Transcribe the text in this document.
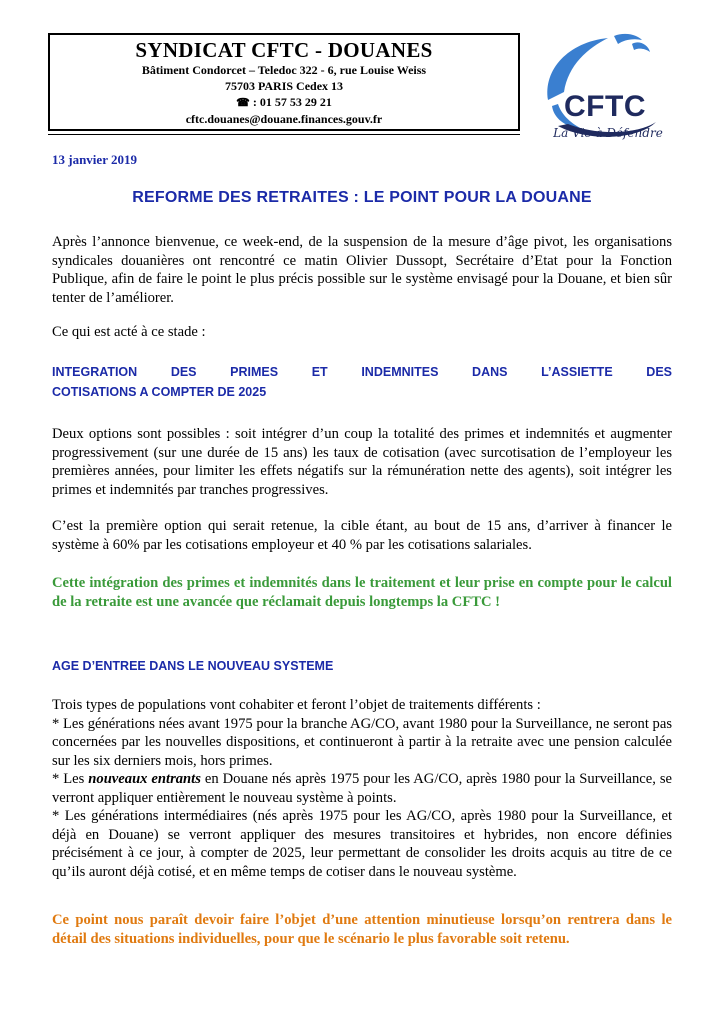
SYNDICAT CFTC - DOUANES
Bâtiment Condorcet – Teledoc 322 - 6, rue Louise Weiss
75703 PARIS Cedex 13
☎ : 01 57 53 29 21
cftc.douanes@douane.finances.gouv.fr	CFTC
La Vie à Défendre
13 janvier 2019
REFORME DES RETRAITES : LE POINT POUR LA DOUANE
Après l’annonce bienvenue, ce week-end, de la suspension de la mesure d’âge pivot, les organisations syndicales douanières ont rencontré ce matin Olivier Dussopt, Secrétaire d’Etat pour la Fonction Publique, afin de faire le point le plus précis possible sur le système envisagé pour la Douane, et bien sûr tenter de l’améliorer.
Ce qui est acté à ce stade :
INTEGRATION DES PRIMES ET INDEMNITES DANS L’ASSIETTE DES
COTISATIONS A COMPTER DE 2025
Deux options sont possibles : soit intégrer d’un coup la totalité des primes et indemnités et augmenter progressivement (sur une durée de 15 ans) les taux de cotisation (avec surcotisation de l’employeur les premières années, pour limiter les effets négatifs sur la rémunération nette des agents), soit intégrer les primes et indemnités par tranches progressives.
C’est la première option qui serait retenue, la cible étant, au bout de 15 ans, d’arriver à financer le système à 60% par les cotisations employeur et 40 % par les cotisations salariales.
Cette intégration des primes et indemnités dans le traitement et leur prise en compte pour le calcul de la retraite est une avancée que réclamait depuis longtemps la CFTC !
AGE D’ENTREE DANS LE NOUVEAU SYSTEME
Trois types de populations vont cohabiter et feront l’objet de traitements différents :
* Les générations nées avant 1975 pour la branche AG/CO, avant 1980 pour la Surveillance, ne seront pas concernées par les nouvelles dispositions, et continueront à partir à la retraite avec une pension calculée sur les six derniers mois, hors primes.
* Les nouveaux entrants en Douane nés après 1975 pour les AG/CO, après 1980 pour la Surveillance, se verront appliquer entièrement le nouveau système à points.
* Les générations intermédiaires (nés après 1975 pour les AG/CO, après 1980 pour la Surveillance, et déjà en Douane) se verront appliquer des mesures transitoires et hybrides, non encore définies précisément à ce jour, à compter de 2025, leur permettant de consolider les droits acquis au titre de ce qu’ils auront déjà cotisé, et en même temps de cotiser dans le nouveau système.
Ce point nous paraît devoir faire l’objet d’une attention minutieuse lorsqu’on rentrera dans le détail des situations individuelles, pour que le scénario le plus favorable soit retenu.
